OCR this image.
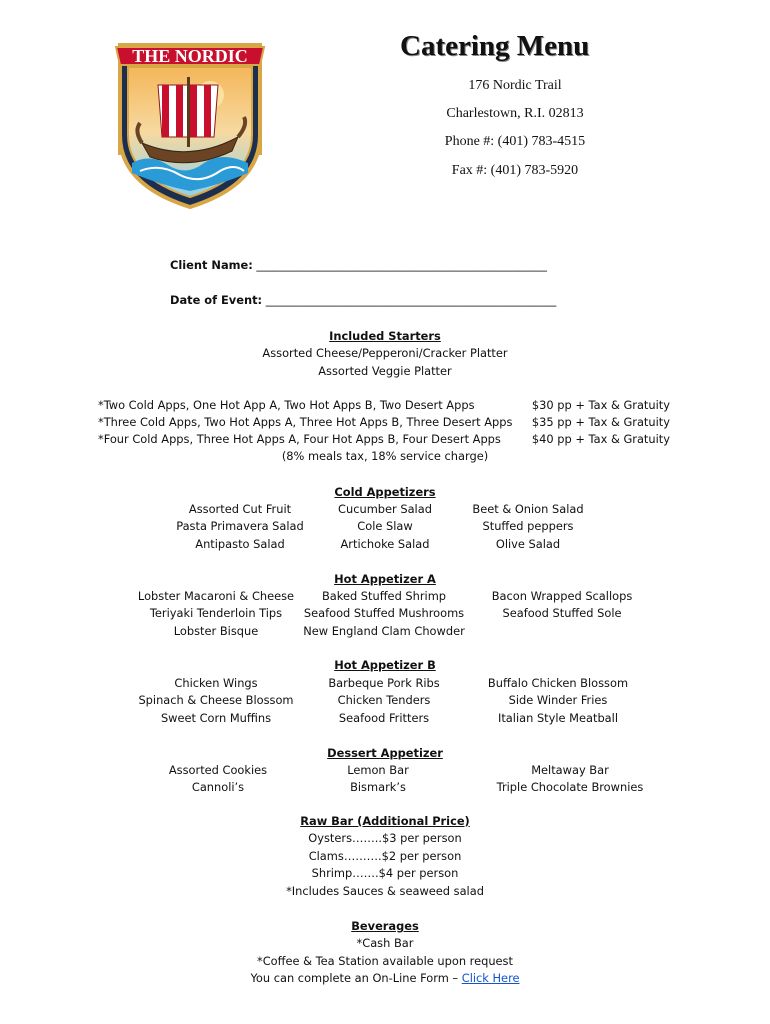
THE NORDIC	Catering Menu
176 Nordic Trail
Charlestown, R.I. 02813
Phone #: (401) 783-4515
Fax #: (401) 783-5920
Client Name: ___________________________________________________
Date of Event: ___________________________________________________
Included Starters
Assorted Cheese/Pepperoni/Cracker Platter
Assorted Veggie Platter
*Two Cold Apps, One Hot App A, Two Hot Apps B, Two Desert Apps
*Three Cold Apps, Two Hot Apps A, Three Hot Apps B, Three Desert Apps
*Four Cold Apps, Three Hot Apps A, Four Hot Apps B, Four Desert Apps
$30 pp + Tax & Gratuity
$35 pp + Tax & Gratuity
$40 pp + Tax & Gratuity
(8% meals tax, 18% service charge)
Cold Appetizers
Assorted Cut Fruit
Pasta Primavera Salad
Antipasto Salad
Cucumber Salad
Cole Slaw
Artichoke Salad
Beet & Onion Salad
Stuffed peppers
Olive Salad
Hot Appetizer A
Lobster Macaroni & Cheese
Teriyaki Tenderloin Tips
Lobster Bisque
Baked Stuffed Shrimp
Seafood Stuffed Mushrooms
New England Clam Chowder
Bacon Wrapped Scallops
Seafood Stuffed Sole
Hot Appetizer B
Chicken Wings
Spinach & Cheese Blossom
Sweet Corn Muffins
Barbeque Pork Ribs
Chicken Tenders
Seafood Fritters
Buffalo Chicken Blossom
Side Winder Fries
Italian Style Meatball
Dessert Appetizer
Assorted Cookies
Cannoli’s
Lemon Bar
Bismark’s
Meltaway Bar
Triple Chocolate Brownies
Raw Bar (Additional Price)
Oysters……..$3 per person
Clams……….$2 per person
Shrimp…….$4 per person
*Includes Sauces & seaweed salad
Beverages
*Cash Bar
*Coffee & Tea Station available upon request
You can complete an On-Line Form – Click Here
